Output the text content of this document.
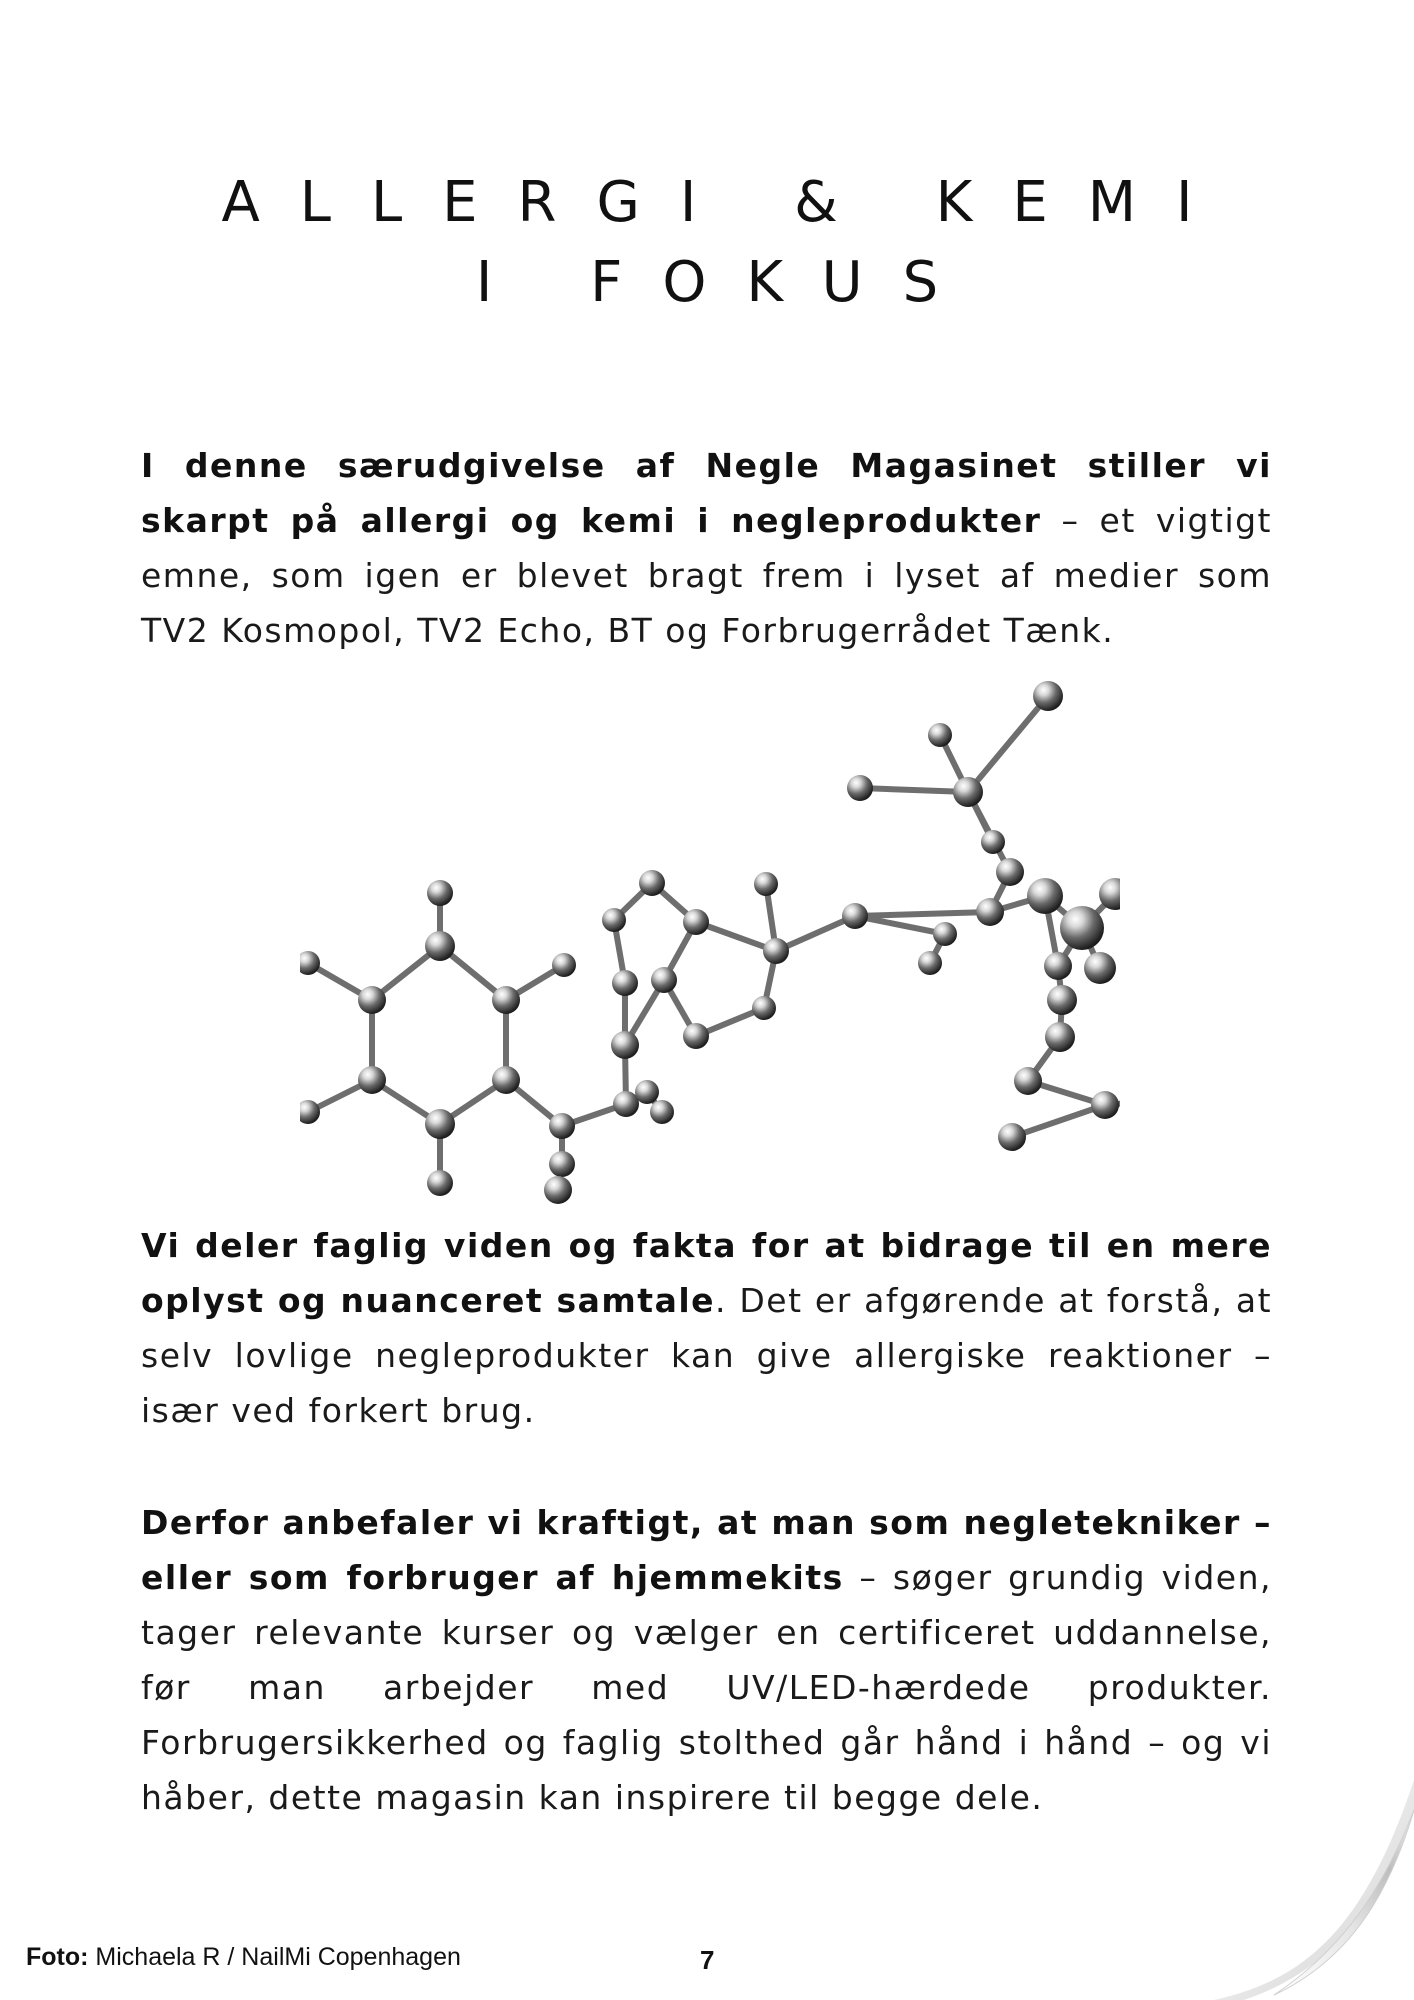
ALLERGI & KEMI
I FOKUS

I denne særudgivelse af Negle Magasinet stiller vi skarpt på allergi og kemi i negleprodukter – et vigtigt emne, som igen er blevet bragt frem i lyset af medier som TV2 Kosmopol, TV2 Echo, BT og Forbrugerrådet Tænk.

Vi deler faglig viden og fakta for at bidrage til en mere oplyst og nuanceret samtale. Det er afgørende at forstå, at selv lovlige negleprodukter kan give allergiske reaktioner – især ved forkert brug.

Derfor anbefaler vi kraftigt, at man som negletekniker – eller som forbruger af hjemmekits – søger grundig viden, tager relevante kurser og vælger en certificeret uddannelse, før man arbejder med UV/LED-hærdede produkter. Forbrugersikkerhed og faglig stolthed går hånd i hånd – og vi håber, dette magasin kan inspirere til begge dele.

Foto: Michaela R / NailMi Copenhagen	7
